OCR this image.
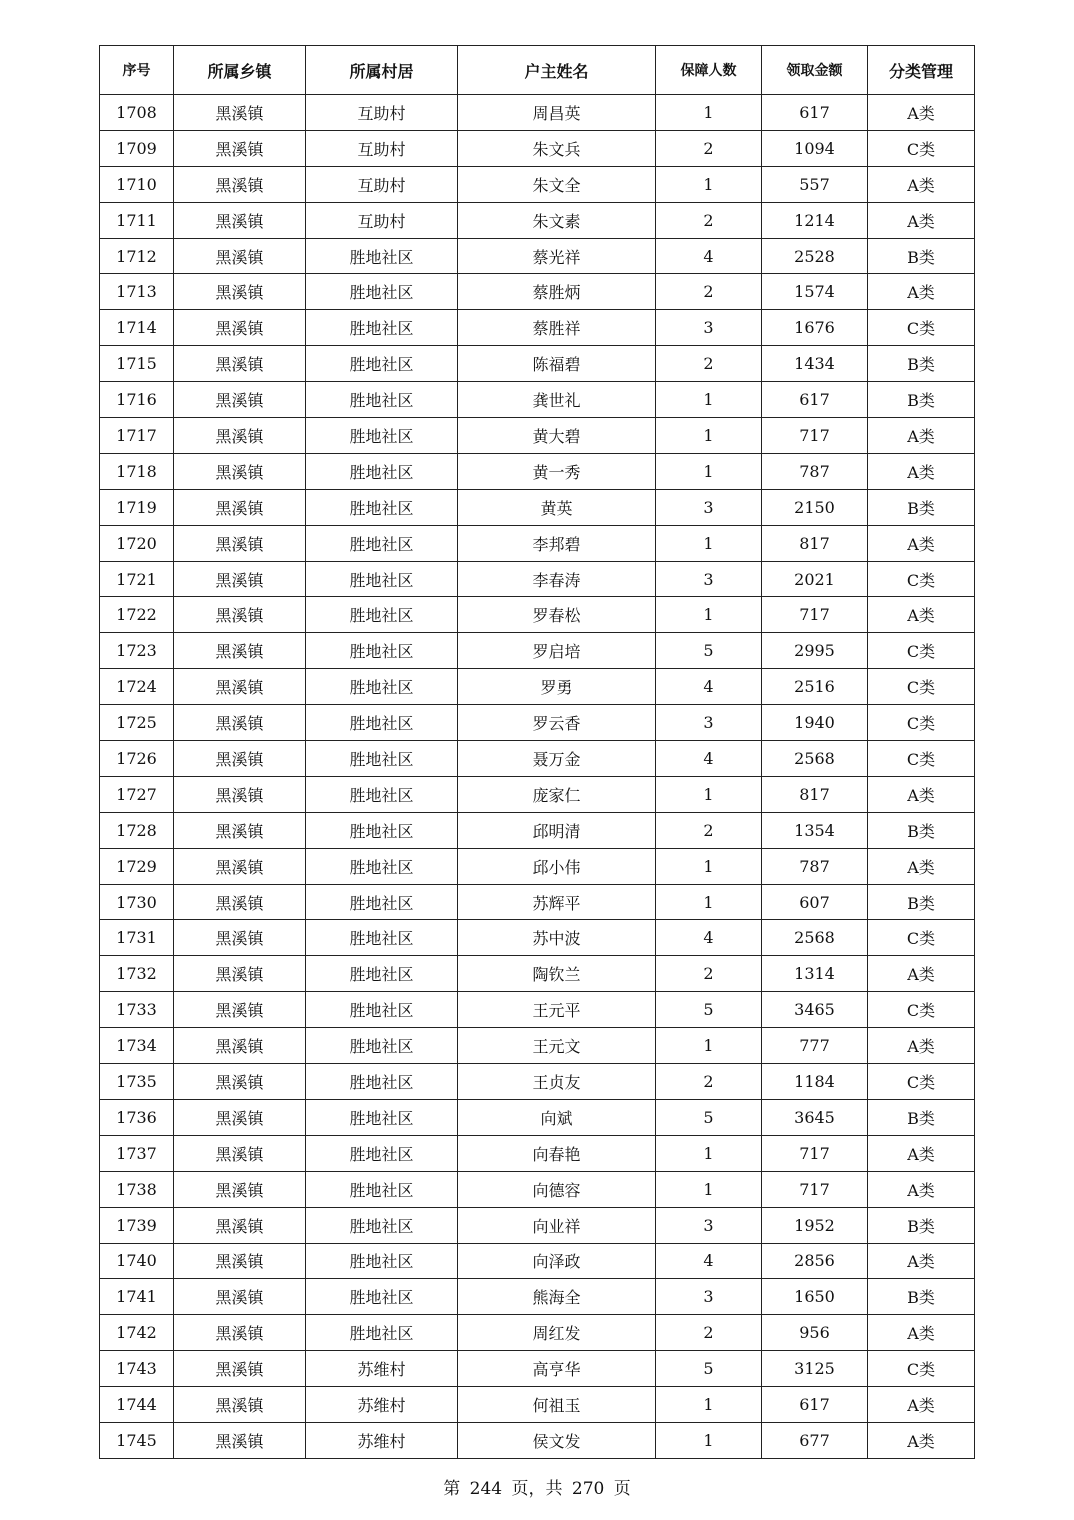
序号	所属乡镇	所属村居	户主姓名	保障人数	领取金额	分类管理
1708	黑溪镇	互助村	周昌英	1	617	A类
1709	黑溪镇	互助村	朱文兵	2	1094	C类
1710	黑溪镇	互助村	朱文全	1	557	A类
1711	黑溪镇	互助村	朱文素	2	1214	A类
1712	黑溪镇	胜地社区	蔡光祥	4	2528	B类
1713	黑溪镇	胜地社区	蔡胜炳	2	1574	A类
1714	黑溪镇	胜地社区	蔡胜祥	3	1676	C类
1715	黑溪镇	胜地社区	陈福碧	2	1434	B类
1716	黑溪镇	胜地社区	龚世礼	1	617	B类
1717	黑溪镇	胜地社区	黄大碧	1	717	A类
1718	黑溪镇	胜地社区	黄一秀	1	787	A类
1719	黑溪镇	胜地社区	黄英	3	2150	B类
1720	黑溪镇	胜地社区	李邦碧	1	817	A类
1721	黑溪镇	胜地社区	李春涛	3	2021	C类
1722	黑溪镇	胜地社区	罗春松	1	717	A类
1723	黑溪镇	胜地社区	罗启培	5	2995	C类
1724	黑溪镇	胜地社区	罗勇	4	2516	C类
1725	黑溪镇	胜地社区	罗云香	3	1940	C类
1726	黑溪镇	胜地社区	聂万金	4	2568	C类
1727	黑溪镇	胜地社区	庞家仁	1	817	A类
1728	黑溪镇	胜地社区	邱明清	2	1354	B类
1729	黑溪镇	胜地社区	邱小伟	1	787	A类
1730	黑溪镇	胜地社区	苏辉平	1	607	B类
1731	黑溪镇	胜地社区	苏中波	4	2568	C类
1732	黑溪镇	胜地社区	陶钦兰	2	1314	A类
1733	黑溪镇	胜地社区	王元平	5	3465	C类
1734	黑溪镇	胜地社区	王元文	1	777	A类
1735	黑溪镇	胜地社区	王贞友	2	1184	C类
1736	黑溪镇	胜地社区	向斌	5	3645	B类
1737	黑溪镇	胜地社区	向春艳	1	717	A类
1738	黑溪镇	胜地社区	向德容	1	717	A类
1739	黑溪镇	胜地社区	向业祥	3	1952	B类
1740	黑溪镇	胜地社区	向泽政	4	2856	A类
1741	黑溪镇	胜地社区	熊海全	3	1650	B类
1742	黑溪镇	胜地社区	周红发	2	956	A类
1743	黑溪镇	苏维村	高亨华	5	3125	C类
1744	黑溪镇	苏维村	何祖玉	1	617	A类
1745	黑溪镇	苏维村	侯文发	1	677	A类
第 244 页，共 270 页
